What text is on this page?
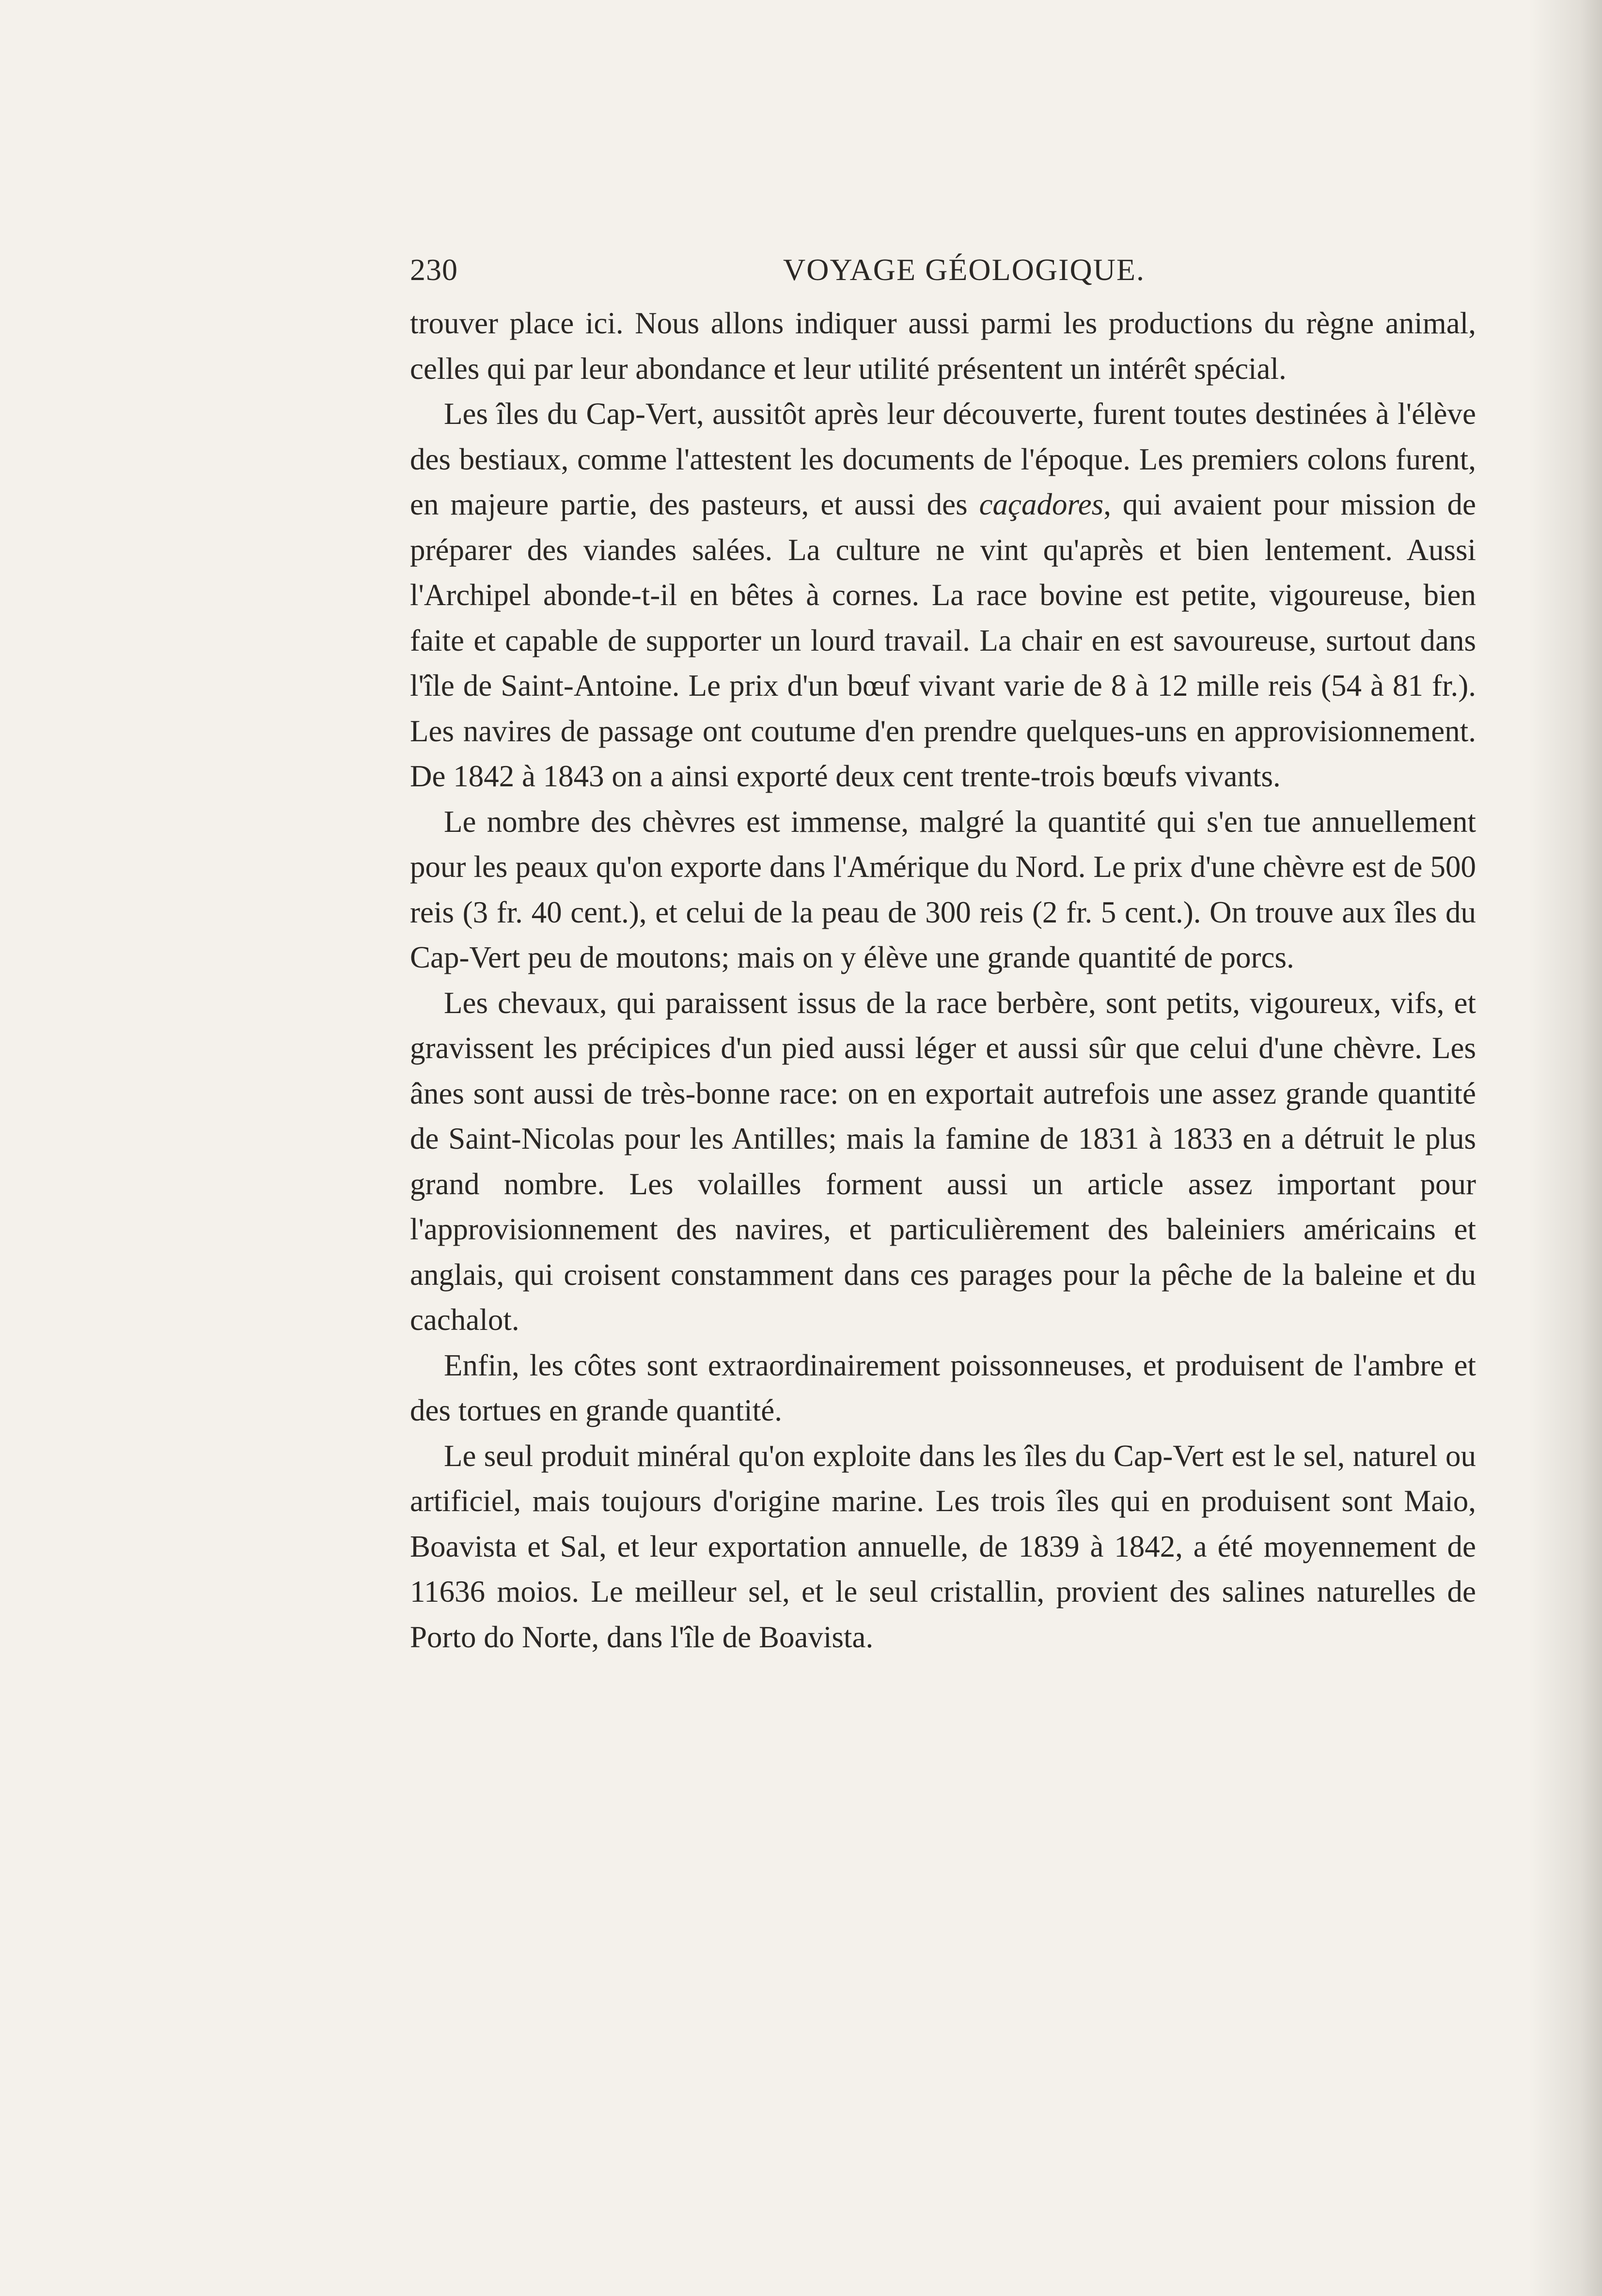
230	VOYAGE GÉOLOGIQUE.

trouver place ici. Nous allons indiquer aussi parmi les productions du règne animal, celles qui par leur abondance et leur utilité présentent un intérêt spécial.

Les îles du Cap-Vert, aussitôt après leur découverte, furent toutes destinées à l'élève des bestiaux, comme l'attestent les documents de l'époque. Les premiers colons furent, en majeure partie, des pasteurs, et aussi des caçadores, qui avaient pour mission de préparer des viandes salées. La culture ne vint qu'après et bien lentement. Aussi l'Archipel abonde-t-il en bêtes à cornes. La race bovine est petite, vigoureuse, bien faite et capable de supporter un lourd travail. La chair en est savoureuse, surtout dans l'île de Saint-Antoine. Le prix d'un bœuf vivant varie de 8 à 12 mille reis (54 à 81 fr.). Les navires de passage ont coutume d'en prendre quelques-uns en approvisionnement. De 1842 à 1843 on a ainsi exporté deux cent trente-trois bœufs vivants.

Le nombre des chèvres est immense, malgré la quantité qui s'en tue annuellement pour les peaux qu'on exporte dans l'Amérique du Nord. Le prix d'une chèvre est de 500 reis (3 fr. 40 cent.), et celui de la peau de 300 reis (2 fr. 5 cent.). On trouve aux îles du Cap-Vert peu de moutons; mais on y élève une grande quantité de porcs.

Les chevaux, qui paraissent issus de la race berbère, sont petits, vigoureux, vifs, et gravissent les précipices d'un pied aussi léger et aussi sûr que celui d'une chèvre. Les ânes sont aussi de très-bonne race: on en exportait autrefois une assez grande quantité de Saint-Nicolas pour les Antilles; mais la famine de 1831 à 1833 en a détruit le plus grand nombre. Les volailles forment aussi un article assez important pour l'approvisionnement des navires, et particulièrement des baleiniers américains et anglais, qui croisent constamment dans ces parages pour la pêche de la baleine et du cachalot.

Enfin, les côtes sont extraordinairement poissonneuses, et produisent de l'ambre et des tortues en grande quantité.

Le seul produit minéral qu'on exploite dans les îles du Cap-Vert est le sel, naturel ou artificiel, mais toujours d'origine marine. Les trois îles qui en produisent sont Maio, Boavista et Sal, et leur exportation annuelle, de 1839 à 1842, a été moyennement de 11636 moios. Le meilleur sel, et le seul cristallin, provient des salines naturelles de Porto do Norte, dans l'île de Boavista.
